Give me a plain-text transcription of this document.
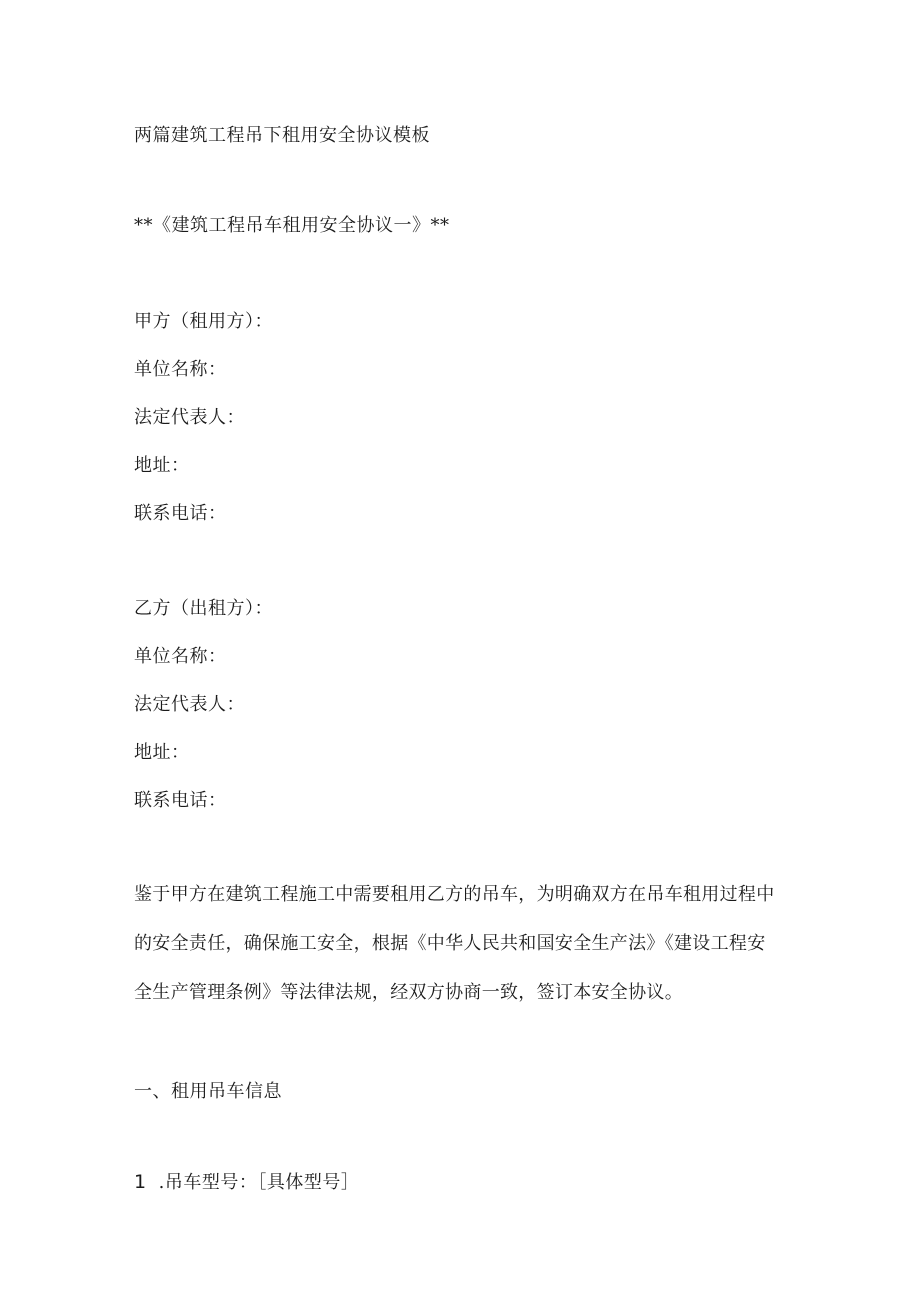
两篇建筑工程吊下租用安全协议模板
**《建筑工程吊车租用安全协议一》**
甲方（租用方）：
单位名称：
法定代表人：
地址：
联系电话：
乙方（出租方）：
单位名称：
法定代表人：
地址：
联系电话：

鉴于甲方在建筑工程施工中需要租用乙方的吊车，为明确双方在吊车租用过程中

的安全责任，确保施工安全，根据《中华人民共和国安全生产法》《建设工程安

全生产管理条例》等法律法规，经双方协商一致，签订本安全协议。

一、租用吊车信息
1 .吊车型号：［具体型号］
